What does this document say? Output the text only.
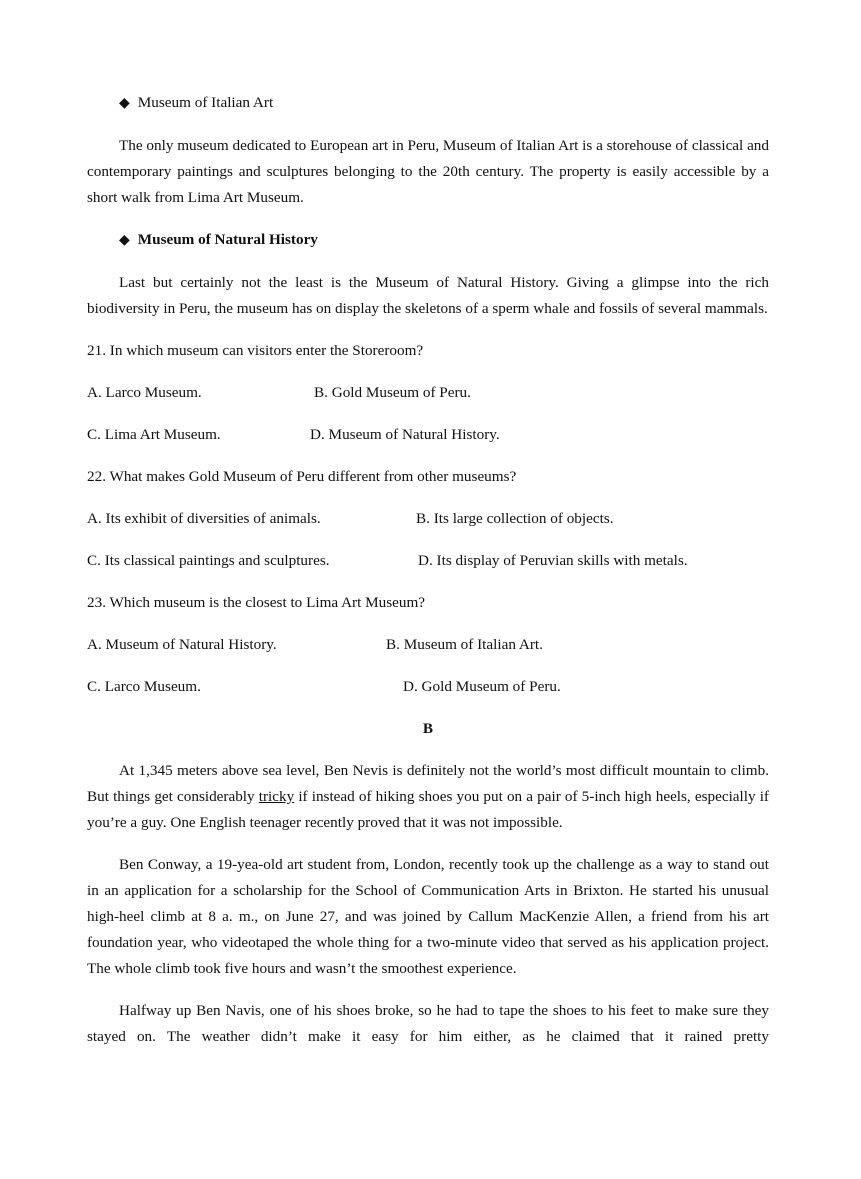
◆ Museum of Italian Art

The only museum dedicated to European art in Peru, Museum of Italian Art is a storehouse of classical and contemporary paintings and sculptures belonging to the 20th century. The property is easily accessible by a short walk from Lima Art Museum.

◆ Museum of Natural History

Last but certainly not the least is the Museum of Natural History. Giving a glimpse into the rich biodiversity in Peru, the museum has on display the skeletons of a sperm whale and fossils of several mammals.

21. In which museum can visitors enter the Storeroom?

A. Larco Museum.	B. Gold Museum of Peru.
C. Lima Art Museum.	D. Museum of Natural History.

22. What makes Gold Museum of Peru different from other museums?

A. Its exhibit of diversities of animals.	B. Its large collection of objects.
C. Its classical paintings and sculptures.	D. Its display of Peruvian skills with metals.

23. Which museum is the closest to Lima Art Museum?

A. Museum of Natural History.	B. Museum of Italian Art.
C. Larco Museum.	D. Gold Museum of Peru.

B

At 1,345 meters above sea level, Ben Nevis is definitely not the world’s most difficult mountain to climb. But things get considerably tricky if instead of hiking shoes you put on a pair of 5-inch high heels, especially if you’re a guy. One English teenager recently proved that it was not impossible.

Ben Conway, a 19-yea-old art student from, London, recently took up the challenge as a way to stand out in an application for a scholarship for the School of Communication Arts in Brixton. He started his unusual high-heel climb at 8 a. m., on June 27, and was joined by Callum MacKenzie Allen, a friend from his art foundation year, who videotaped the whole thing for a two-minute video that served as his application project. The whole climb took five hours and wasn’t the smoothest experience.

Halfway up Ben Navis, one of his shoes broke, so he had to tape the shoes to his feet to make sure they stayed on. The weather didn’t make it easy for him either, as he claimed that it rained pretty
